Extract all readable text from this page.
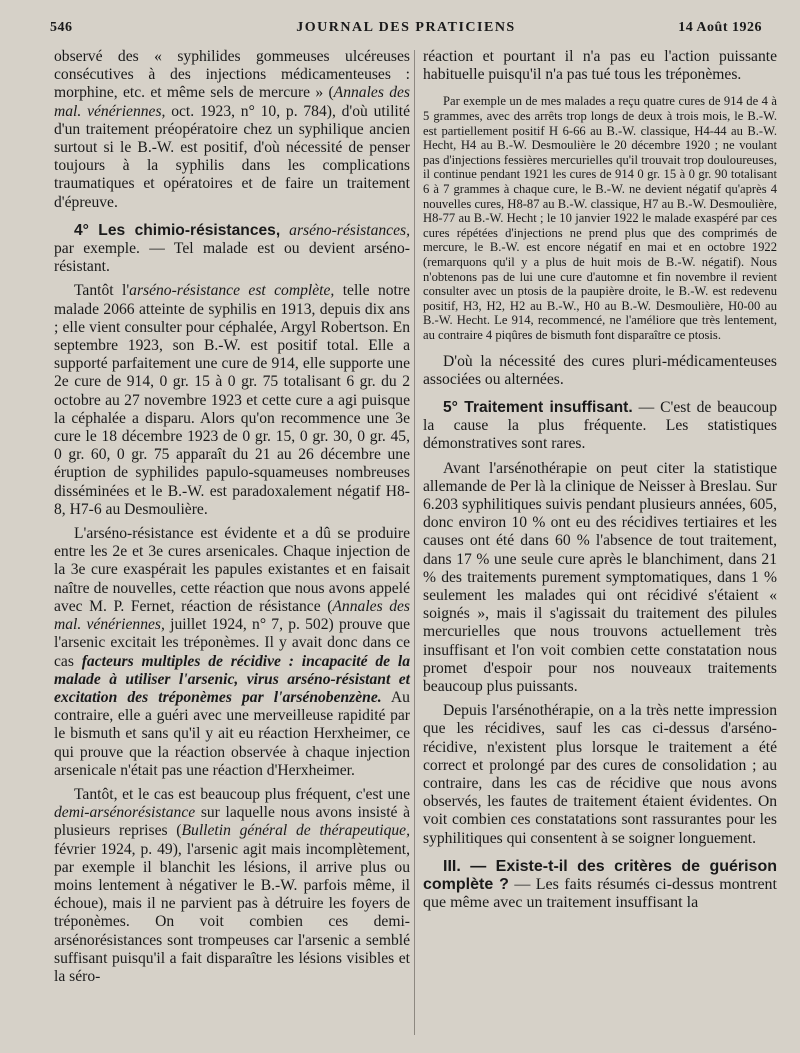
546	JOURNAL DES PRATICIENS	14 Août 1926

observé des « syphilides gommeuses ulcéreuses consécutives à des injections médicamenteuses : morphine, etc. et même sels de mercure » (Annales des mal. vénériennes, oct. 1923, n° 10, p. 784), d'où utilité d'un traitement préopératoire chez un syphilique ancien surtout si le B.-W. est positif, d'où nécessité de penser toujours à la syphilis dans les complications traumatiques et opératoires et de faire un traitement d'épreuve.

4° Les chimio-résistances, arséno-résistances, par exemple. — Tel malade est ou devient arséno-résistant.

Tantôt l'arséno-résistance est complète, telle notre malade 2066 atteinte de syphilis en 1913, depuis dix ans ; elle vient consulter pour céphalée, Argyl Robertson. En septembre 1923, son B.-W. est positif total. Elle a supporté parfaitement une cure de 914, elle supporte une 2e cure de 914, 0 gr. 15 à 0 gr. 75 totalisant 6 gr. du 2 octobre au 27 novembre 1923 et cette cure a agi puisque la céphalée a disparu. Alors qu'on recommence une 3e cure le 18 décembre 1923 de 0 gr. 15, 0 gr. 30, 0 gr. 45, 0 gr. 60, 0 gr. 75 apparaît du 21 au 26 décembre une éruption de syphilides papulo-squameuses nombreuses disséminées et le B.-W. est paradoxalement négatif H8-8, H7-6 au Desmoulière.

L'arséno-résistance est évidente et a dû se produire entre les 2e et 3e cures arsenicales. Chaque injection de la 3e cure exaspérait les papules existantes et en faisait naître de nouvelles, cette réaction que nous avons appelé avec M. P. Fernet, réaction de résistance (Annales des mal. vénériennes, juillet 1924, n° 7, p. 502) prouve que l'arsenic excitait les tréponèmes. Il y avait donc dans ce cas facteurs multiples de récidive : incapacité de la malade à utiliser l'arsenic, virus arséno-résistant et excitation des tréponèmes par l'arsénobenzène. Au contraire, elle a guéri avec une merveilleuse rapidité par le bismuth et sans qu'il y ait eu réaction Herxheimer, ce qui prouve que la réaction observée à chaque injection arsenicale n'était pas une réaction d'Herxheimer.

Tantôt, et le cas est beaucoup plus fréquent, c'est une demi-arsénorésistance sur laquelle nous avons insisté à plusieurs reprises (Bulletin général de thérapeutique, février 1924, p. 49), l'arsenic agit mais incomplètement, par exemple il blanchit les lésions, il arrive plus ou moins lentement à négativer le B.-W. parfois même, il échoue), mais il ne parvient pas à détruire les foyers de tréponèmes. On voit combien ces demi-arsénorésistances sont trompeuses car l'arsenic a semblé suffisant puisqu'il a fait disparaître les lésions visibles et la séro-

réaction et pourtant il n'a pas eu l'action puissante habituelle puisqu'il n'a pas tué tous les tréponèmes.

Par exemple un de mes malades a reçu quatre cures de 914 de 4 à 5 grammes, avec des arrêts trop longs de deux à trois mois, le B.-W. est partiellement positif H 6-66 au B.-W. classique, H4-44 au B.-W. Hecht, H4 au B.-W. Desmoulière le 20 décembre 1920 ; ne voulant pas d'injections fessières mercurielles qu'il trouvait trop douloureuses, il continue pendant 1921 les cures de 914 0 gr. 15 à 0 gr. 90 totalisant 6 à 7 grammes à chaque cure, le B.-W. ne devient négatif qu'après 4 nouvelles cures, H8-87 au B.-W. classique, H7 au B.-W. Desmoulière, H8-77 au B.-W. Hecht ; le 10 janvier 1922 le malade exaspéré par ces cures répétées d'injections ne prend plus que des comprimés de mercure, le B.-W. est encore négatif en mai et en octobre 1922 (remarquons qu'il y a plus de huit mois de B.-W. négatif). Nous n'obtenons pas de lui une cure d'automne et fin novembre il revient consulter avec un ptosis de la paupière droite, le B.-W. est redevenu positif, H3, H2, H2 au B.-W., H0 au B.-W. Desmoulière, H0-00 au B.-W. Hecht. Le 914, recommencé, ne l'améliore que très lentement, au contraire 4 piqûres de bismuth font disparaître ce ptosis.

D'où la nécessité des cures pluri-médicamenteuses associées ou alternées.

5° Traitement insuffisant. — C'est de beaucoup la cause la plus fréquente. Les statistiques démonstratives sont rares.

Avant l'arsénothérapie on peut citer la statistique allemande de Per là la clinique de Neisser à Breslau. Sur 6.203 syphilitiques suivis pendant plusieurs années, 605, donc environ 10 % ont eu des récidives tertiaires et les causes ont été dans 60 % l'absence de tout traitement, dans 17 % une seule cure après le blanchiment, dans 21 % des traitements purement symptomatiques, dans 1 % seulement les malades qui ont récidivé s'étaient « soignés », mais il s'agissait du traitement des pilules mercurielles que nous trouvons actuellement très insuffisant et l'on voit combien cette constatation nous promet d'espoir pour nos nouveaux traitements beaucoup plus puissants.

Depuis l'arsénothérapie, on a la très nette impression que les récidives, sauf les cas ci-dessus d'arséno-récidive, n'existent plus lorsque le traitement a été correct et prolongé par des cures de consolidation ; au contraire, dans les cas de récidive que nous avons observés, les fautes de traitement étaient évidentes. On voit combien ces constatations sont rassurantes pour les syphilitiques qui consentent à se soigner longuement.

III. — Existe-t-il des critères de guérison complète ? — Les faits résumés ci-dessus montrent que même avec un traitement insuffisant la
